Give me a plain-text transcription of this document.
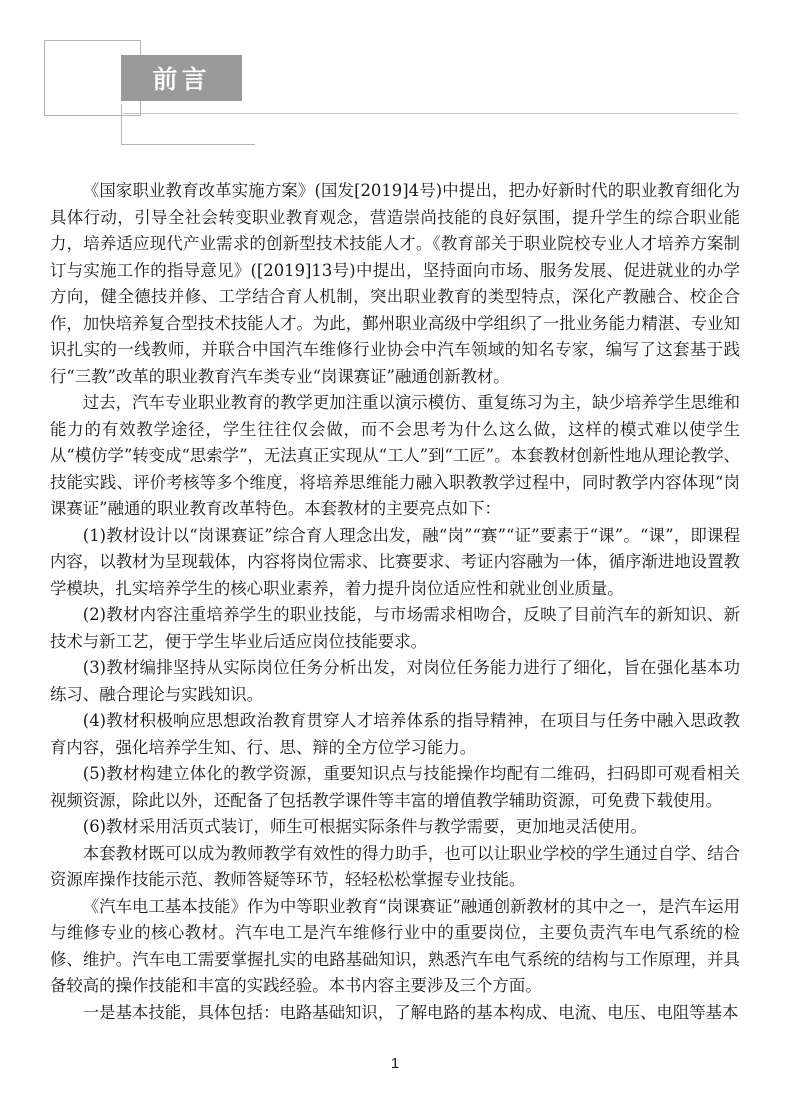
前言

《国家职业教育改革实施方案》(国发[2019]4号)中提出，把办好新时代的职业教育细化为具体行动，引导全社会转变职业教育观念，营造崇尚技能的良好氛围，提升学生的综合职业能力，培养适应现代产业需求的创新型技术技能人才。《教育部关于职业院校专业人才培养方案制订与实施工作的指导意见》([2019]13号)中提出，坚持面向市场、服务发展、促进就业的办学方向，健全德技并修、工学结合育人机制，突出职业教育的类型特点，深化产教融合、校企合作，加快培养复合型技术技能人才。为此，鄞州职业高级中学组织了一批业务能力精湛、专业知识扎实的一线教师，并联合中国汽车维修行业协会中汽车领域的知名专家，编写了这套基于践行“三教”改革的职业教育汽车类专业“岗课赛证”融通创新教材。

过去，汽车专业职业教育的教学更加注重以演示模仿、重复练习为主，缺少培养学生思维和能力的有效教学途径，学生往往仅会做，而不会思考为什么这么做，这样的模式难以使学生从“模仿学”转变成“思索学”，无法真正实现从“工人”到“工匠”。本套教材创新性地从理论教学、技能实践、评价考核等多个维度，将培养思维能力融入职教教学过程中，同时教学内容体现“岗课赛证”融通的职业教育改革特色。本套教材的主要亮点如下：

(1)教材设计以“岗课赛证”综合育人理念出发，融“岗”“赛”“证”要素于“课”。“课”，即课程内容，以教材为呈现载体，内容将岗位需求、比赛要求、考证内容融为一体，循序渐进地设置教学模块，扎实培养学生的核心职业素养，着力提升岗位适应性和就业创业质量。

(2)教材内容注重培养学生的职业技能，与市场需求相吻合，反映了目前汽车的新知识、新技术与新工艺，便于学生毕业后适应岗位技能要求。

(3)教材编排坚持从实际岗位任务分析出发，对岗位任务能力进行了细化，旨在强化基本功练习、融合理论与实践知识。

(4)教材积极响应思想政治教育贯穿人才培养体系的指导精神，在项目与任务中融入思政教育内容，强化培养学生知、行、思、辩的全方位学习能力。

(5)教材构建立体化的教学资源，重要知识点与技能操作均配有二维码，扫码即可观看相关视频资源，除此以外，还配备了包括教学课件等丰富的增值教学辅助资源，可免费下载使用。

(6)教材采用活页式装订，师生可根据实际条件与教学需要，更加地灵活使用。

本套教材既可以成为教师教学有效性的得力助手，也可以让职业学校的学生通过自学、结合资源库操作技能示范、教师答疑等环节，轻轻松松掌握专业技能。

《汽车电工基本技能》作为中等职业教育“岗课赛证”融通创新教材的其中之一，是汽车运用与维修专业的核心教材。汽车电工是汽车维修行业中的重要岗位，主要负责汽车电气系统的检修、维护。汽车电工需要掌握扎实的电路基础知识，熟悉汽车电气系统的结构与工作原理，并具备较高的操作技能和丰富的实践经验。本书内容主要涉及三个方面。

一是基本技能，具体包括：电路基础知识，了解电路的基本构成、电流、电压、电阻等基本

1
